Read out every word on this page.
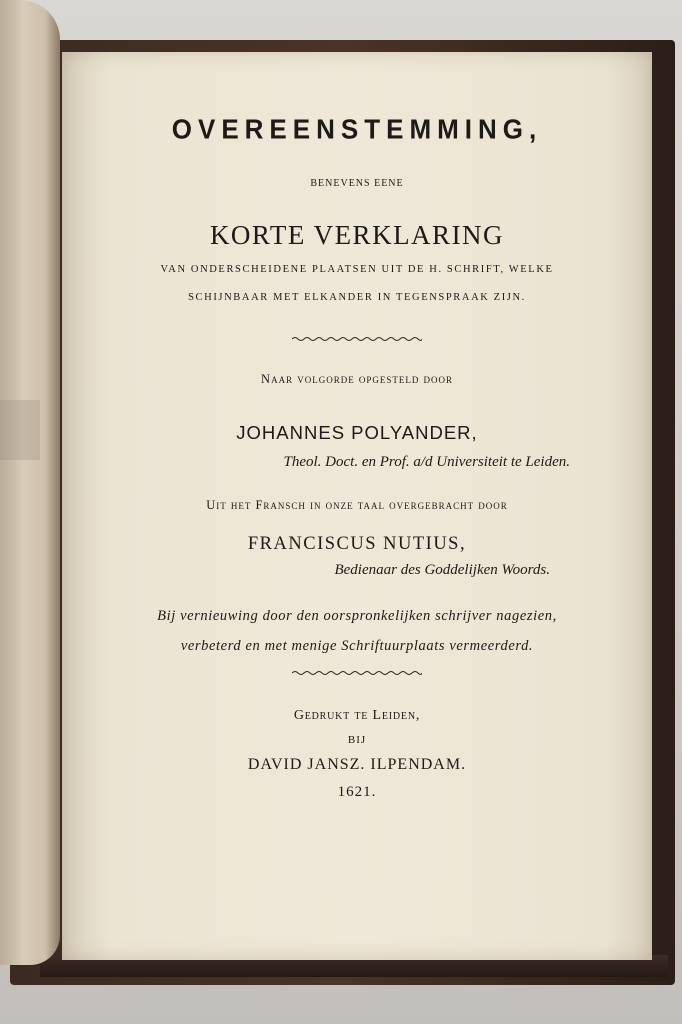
OVEREENSTEMMING,
BENEVENS EENE
KORTE VERKLARING
VAN ONDERSCHEIDENE PLAATSEN UIT DE H. SCHRIFT, WELKE
SCHIJNBAAR MET ELKANDER IN TEGENSPRAAK ZIJN.
Naar volgorde opgesteld door
JOHANNES POLYANDER,
Theol. Doct. en Prof. a/d Universiteit te Leiden.
Uit het Fransch in onze taal overgebracht door
FRANCISCUS NUTIUS,
Bedienaar des Goddelijken Woords.
Bij vernieuwing door den oorspronkelijken schrijver nagezien,
verbeterd en met menige Schriftuurplaats vermeerderd.
Gedrukt te Leiden,
BIJ
DAVID JANSZ. ILPENDAM.
1621.
